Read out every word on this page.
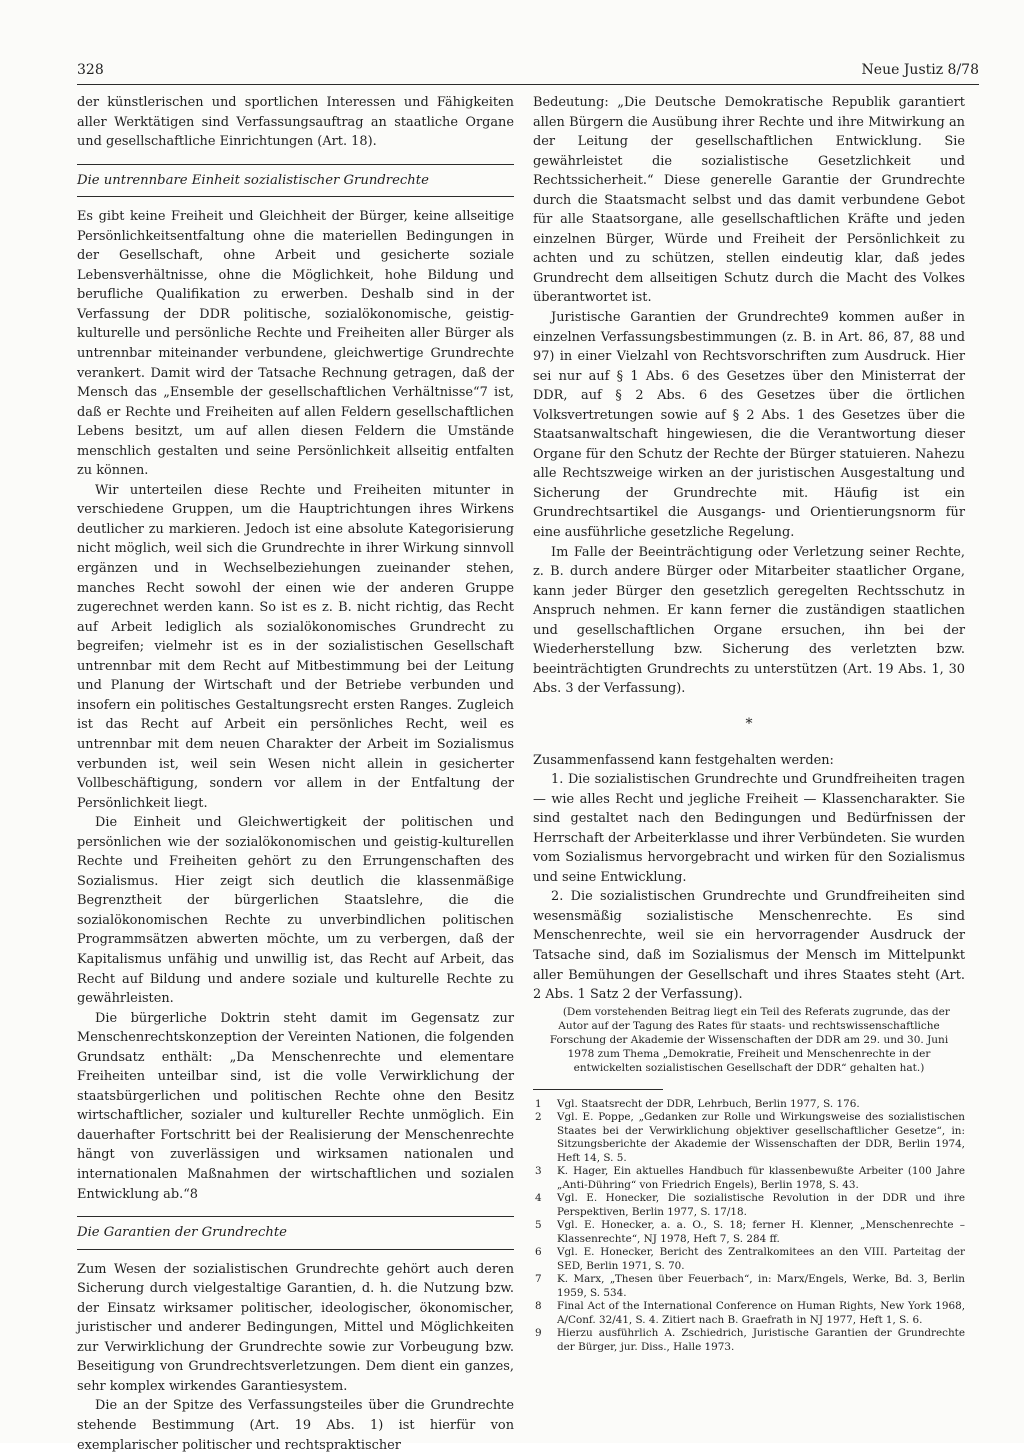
328	Neue Justiz 8/78

der künstlerischen und sportlichen Interessen und Fähigkeiten aller Werktätigen sind Verfassungsauftrag an staatliche Organe und gesellschaftliche Einrichtungen (Art. 18).

Die untrennbare Einheit sozialistischer Grundrechte

Es gibt keine Freiheit und Gleichheit der Bürger, keine allseitige Persönlichkeitsentfaltung ohne die materiellen Bedingungen in der Gesellschaft, ohne Arbeit und gesicherte soziale Lebensverhältnisse, ohne die Möglichkeit, hohe Bildung und berufliche Qualifikation zu erwerben. Deshalb sind in der Verfassung der DDR politische, sozialökonomische, geistig-kulturelle und persönliche Rechte und Freiheiten aller Bürger als untrennbar miteinander verbundene, gleichwertige Grundrechte verankert. Damit wird der Tatsache Rechnung getragen, daß der Mensch das „Ensemble der gesellschaftlichen Verhältnisse“7 ist, daß er Rechte und Freiheiten auf allen Feldern gesellschaftlichen Lebens besitzt, um auf allen diesen Feldern die Umstände menschlich gestalten und seine Persönlichkeit allseitig entfalten zu können.

Wir unterteilen diese Rechte und Freiheiten mitunter in verschiedene Gruppen, um die Hauptrichtungen ihres Wirkens deutlicher zu markieren. Jedoch ist eine absolute Kategorisierung nicht möglich, weil sich die Grundrechte in ihrer Wirkung sinnvoll ergänzen und in Wechselbeziehungen zueinander stehen, manches Recht sowohl der einen wie der anderen Gruppe zugerechnet werden kann. So ist es z. B. nicht richtig, das Recht auf Arbeit lediglich als sozialökonomisches Grundrecht zu begreifen; vielmehr ist es in der sozialistischen Gesellschaft untrennbar mit dem Recht auf Mitbestimmung bei der Leitung und Planung der Wirtschaft und der Betriebe verbunden und insofern ein politisches Gestaltungsrecht ersten Ranges. Zugleich ist das Recht auf Arbeit ein persönliches Recht, weil es untrennbar mit dem neuen Charakter der Arbeit im Sozialismus verbunden ist, weil sein Wesen nicht allein in gesicherter Vollbeschäftigung, sondern vor allem in der Entfaltung der Persönlichkeit liegt.

Die Einheit und Gleichwertigkeit der politischen und persönlichen wie der sozialökonomischen und geistig-kulturellen Rechte und Freiheiten gehört zu den Errungenschaften des Sozialismus. Hier zeigt sich deutlich die klassenmäßige Begrenztheit der bürgerlichen Staatslehre, die die sozialökonomischen Rechte zu unverbindlichen politischen Programmsätzen abwerten möchte, um zu verbergen, daß der Kapitalismus unfähig und unwillig ist, das Recht auf Arbeit, das Recht auf Bildung und andere soziale und kulturelle Rechte zu gewährleisten.

Die bürgerliche Doktrin steht damit im Gegensatz zur Menschenrechtskonzeption der Vereinten Nationen, die folgenden Grundsatz enthält: „Da Menschenrechte und elementare Freiheiten unteilbar sind, ist die volle Verwirklichung der staatsbürgerlichen und politischen Rechte ohne den Besitz wirtschaftlicher, sozialer und kultureller Rechte unmöglich. Ein dauerhafter Fortschritt bei der Realisierung der Menschenrechte hängt von zuverlässigen und wirksamen nationalen und internationalen Maßnahmen der wirtschaftlichen und sozialen Entwicklung ab.“8

Die Garantien der Grundrechte

Zum Wesen der sozialistischen Grundrechte gehört auch deren Sicherung durch vielgestaltige Garantien, d. h. die Nutzung bzw. der Einsatz wirksamer politischer, ideologischer, ökonomischer, juristischer und anderer Bedingungen, Mittel und Möglichkeiten zur Verwirklichung der Grundrechte sowie zur Vorbeugung bzw. Beseitigung von Grundrechtsverletzungen. Dem dient ein ganzes, sehr komplex wirkendes Garantiesystem.

Die an der Spitze des Verfassungsteiles über die Grundrechte stehende Bestimmung (Art. 19 Abs. 1) ist hierfür von exemplarischer politischer und rechtspraktischer

Bedeutung: „Die Deutsche Demokratische Republik garantiert allen Bürgern die Ausübung ihrer Rechte und ihre Mitwirkung an der Leitung der gesellschaftlichen Entwicklung. Sie gewährleistet die sozialistische Gesetzlichkeit und Rechtssicherheit.“ Diese generelle Garantie der Grundrechte durch die Staatsmacht selbst und das damit verbundene Gebot für alle Staatsorgane, alle gesellschaftlichen Kräfte und jeden einzelnen Bürger, Würde und Freiheit der Persönlichkeit zu achten und zu schützen, stellen eindeutig klar, daß jedes Grundrecht dem allseitigen Schutz durch die Macht des Volkes überantwortet ist.

Juristische Garantien der Grundrechte9 kommen außer in einzelnen Verfassungsbestimmungen (z. B. in Art. 86, 87, 88 und 97) in einer Vielzahl von Rechtsvorschriften zum Ausdruck. Hier sei nur auf § 1 Abs. 6 des Gesetzes über den Ministerrat der DDR, auf § 2 Abs. 6 des Gesetzes über die örtlichen Volksvertretungen sowie auf § 2 Abs. 1 des Gesetzes über die Staatsanwaltschaft hingewiesen, die die Verantwortung dieser Organe für den Schutz der Rechte der Bürger statuieren. Nahezu alle Rechtszweige wirken an der juristischen Ausgestaltung und Sicherung der Grundrechte mit. Häufig ist ein Grundrechtsartikel die Ausgangs- und Orientierungsnorm für eine ausführliche gesetzliche Regelung.

Im Falle der Beeinträchtigung oder Verletzung seiner Rechte, z. B. durch andere Bürger oder Mitarbeiter staatlicher Organe, kann jeder Bürger den gesetzlich geregelten Rechtsschutz in Anspruch nehmen. Er kann ferner die zuständigen staatlichen und gesellschaftlichen Organe ersuchen, ihn bei der Wiederherstellung bzw. Sicherung des verletzten bzw. beeinträchtigten Grundrechts zu unterstützen (Art. 19 Abs. 1, 30 Abs. 3 der Verfassung).

*

Zusammenfassend kann festgehalten werden:

1. Die sozialistischen Grundrechte und Grundfreiheiten tragen — wie alles Recht und jegliche Freiheit — Klassencharakter. Sie sind gestaltet nach den Bedingungen und Bedürfnissen der Herrschaft der Arbeiterklasse und ihrer Verbündeten. Sie wurden vom Sozialismus hervorgebracht und wirken für den Sozialismus und seine Entwicklung.

2. Die sozialistischen Grundrechte und Grundfreiheiten sind wesensmäßig sozialistische Menschenrechte. Es sind Menschenrechte, weil sie ein hervorragender Ausdruck der Tatsache sind, daß im Sozialismus der Mensch im Mittelpunkt aller Bemühungen der Gesellschaft und ihres Staates steht (Art. 2 Abs. 1 Satz 2 der Verfassung).

(Dem vorstehenden Beitrag liegt ein Teil des Referats zugrunde, das der Autor auf der Tagung des Rates für staats- und rechtswissenschaftliche Forschung der Akademie der Wissenschaften der DDR am 29. und 30. Juni 1978 zum Thema „Demokratie, Freiheit und Menschenrechte in der entwickelten sozialistischen Gesellschaft der DDR“ gehalten hat.)

1 Vgl. Staatsrecht der DDR, Lehrbuch, Berlin 1977, S. 176.
2 Vgl. E. Poppe, „Gedanken zur Rolle und Wirkungsweise des sozialistischen Staates bei der Verwirklichung objektiver gesellschaftlicher Gesetze“, in: Sitzungsberichte der Akademie der Wissenschaften der DDR, Berlin 1974, Heft 14, S. 5.
3 K. Hager, Ein aktuelles Handbuch für klassenbewußte Arbeiter (100 Jahre „Anti-Dühring“ von Friedrich Engels), Berlin 1978, S. 43.
4 Vgl. E. Honecker, Die sozialistische Revolution in der DDR und ihre Perspektiven, Berlin 1977, S. 17/18.
5 Vgl. E. Honecker, a. a. O., S. 18; ferner H. Klenner, „Menschenrechte – Klassenrechte“, NJ 1978, Heft 7, S. 284 ff.
6 Vgl. E. Honecker, Bericht des Zentralkomitees an den VIII. Parteitag der SED, Berlin 1971, S. 70.
7 K. Marx, „Thesen über Feuerbach“, in: Marx/Engels, Werke, Bd. 3, Berlin 1959, S. 534.
8 Final Act of the International Conference on Human Rights, New York 1968, A/Conf. 32/41, S. 4. Zitiert nach B. Graefrath in NJ 1977, Heft 1, S. 6.
9 Hierzu ausführlich A. Zschiedrich, Juristische Garantien der Grundrechte der Bürger, jur. Diss., Halle 1973.
